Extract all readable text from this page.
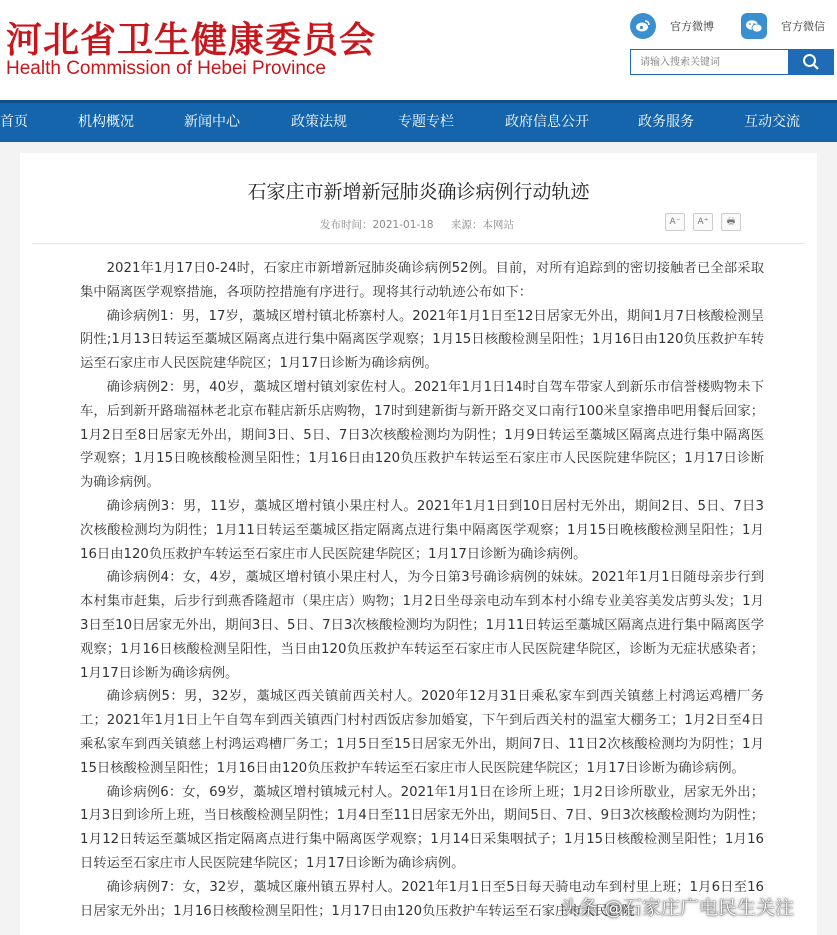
河北省卫生健康委员会
Health Commission of Hebei Province
官方微博	官方微信
请输入搜索关键词
首页	机构概况	新闻中心	政策法规	专题专栏	政府信息公开	政务服务	互动交流
石家庄市新增新冠肺炎确诊病例行动轨迹
发布时间：2021-01-18 来源：本网站	A⁻	A⁺	🖶

2021年1月17日0-24时，石家庄市新增新冠肺炎确诊病例52例。目前，对所有追踪到的密切接触者已全部采取集中隔离医学观察措施，各项防控措施有序进行。现将其行动轨迹公布如下：

确诊病例1：男，17岁，藁城区增村镇北桥寨村人。2021年1月1日至12日居家无外出，期间1月7日核酸检测呈阴性;1月13日转运至藁城区隔离点进行集中隔离医学观察；1月15日核酸检测呈阳性；1月16日由120负压救护车转运至石家庄市人民医院建华院区；1月17日诊断为确诊病例。

确诊病例2：男，40岁，藁城区增村镇刘家佐村人。2021年1月1日14时自驾车带家人到新乐市信誉楼购物未下车，后到新开路瑞福林老北京布鞋店新乐店购物，17时到建新街与新开路交叉口南行100米皇家撸串吧用餐后回家；1月2日至8日居家无外出，期间3日、5日、7日3次核酸检测均为阴性；1月9日转运至藁城区隔离点进行集中隔离医学观察；1月15日晚核酸检测呈阳性；1月16日由120负压救护车转运至石家庄市人民医院建华院区；1月17日诊断为确诊病例。

确诊病例3：男，11岁，藁城区增村镇小果庄村人。2021年1月1日到10日居村无外出，期间2日、5日、7日3次核酸检测均为阴性；1月11日转运至藁城区指定隔离点进行集中隔离医学观察；1月15日晚核酸检测呈阳性；1月16日由120负压救护车转运至石家庄市人民医院建华院区；1月17日诊断为确诊病例。

确诊病例4：女，4岁，藁城区增村镇小果庄村人，为今日第3号确诊病例的妹妹。2021年1月1日随母亲步行到本村集市赶集，后步行到燕香隆超市（果庄店）购物；1月2日坐母亲电动车到本村小绵专业美容美发店剪头发；1月3日至10日居家无外出，期间3日、5日、7日3次核酸检测均为阴性；1月11日转运至藁城区隔离点进行集中隔离医学观察；1月16日核酸检测呈阳性，当日由120负压救护车转运至石家庄市人民医院建华院区，诊断为无症状感染者；1月17日诊断为确诊病例。

确诊病例5：男，32岁，藁城区西关镇前西关村人。2020年12月31日乘私家车到西关镇慈上村鸿运鸡槽厂务工；2021年1月1日上午自驾车到西关镇西门村村西饭店参加婚宴，下午到后西关村的温室大棚务工；1月2日至4日乘私家车到西关镇慈上村鸿运鸡槽厂务工；1月5日至15日居家无外出，期间7日、11日2次核酸检测均为阴性；1月15日核酸检测呈阳性；1月16日由120负压救护车转运至石家庄市人民医院建华院区；1月17日诊断为确诊病例。

确诊病例6：女，69岁，藁城区增村镇城元村人。2021年1月1日在诊所上班；1月2日诊所歇业，居家无外出；1月3日到诊所上班，当日核酸检测呈阴性；1月4日至11日居家无外出，期间5日、7日、9日3次核酸检测均为阴性；1月12日转运至藁城区指定隔离点进行集中隔离医学观察；1月14日采集咽拭子；1月15日核酸检测呈阳性；1月16日转运至石家庄市人民医院建华院区；1月17日诊断为确诊病例。

确诊病例7：女，32岁，藁城区廉州镇五界村人。2021年1月1日至5日每天骑电动车到村里上班；1月6日至16日居家无外出；1月16日核酸检测呈阳性；1月17日由120负压救护车转运至石家庄市人民医院

头条 @石家庄广电民生关注
